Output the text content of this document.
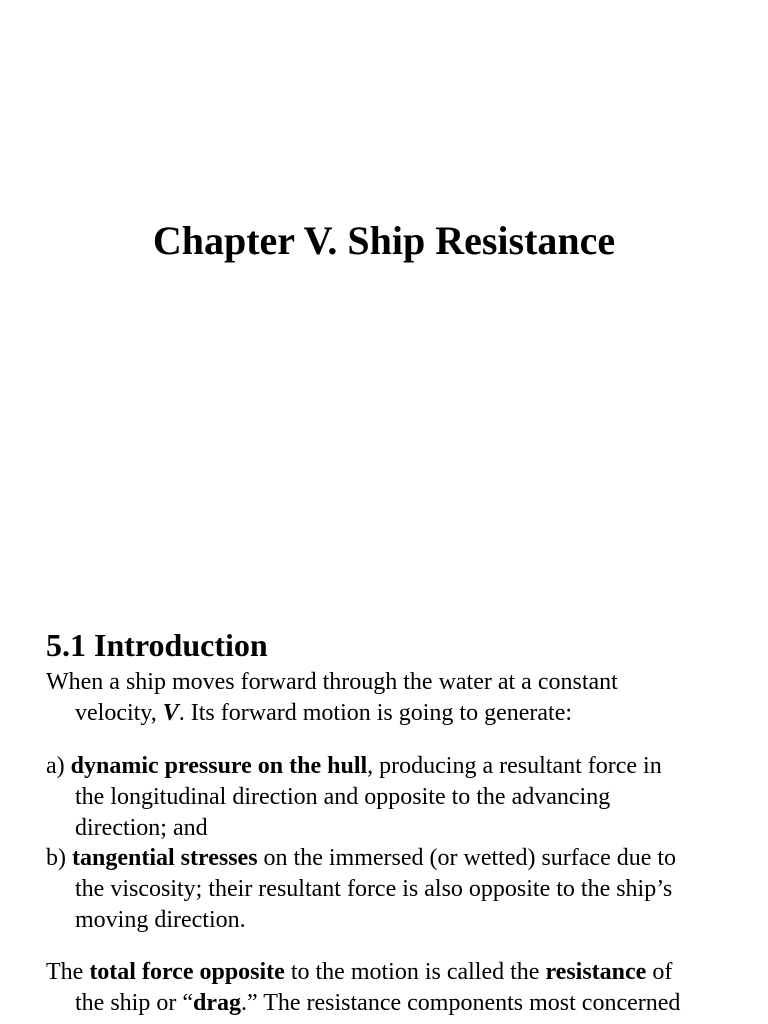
Chapter V. Ship Resistance
5.1 Introduction
When a ship moves forward through the water at a constant
velocity, V. Its forward motion is going to generate:
a) dynamic pressure on the hull, producing a resultant force in
the longitudinal direction and opposite to the advancing
direction; and
b) tangential stresses on the immersed (or wetted) surface due to
the viscosity; their resultant force is also opposite to the ship’s
moving direction.
The total force opposite to the motion is called the resistance of
the ship or “drag.” The resistance components most concerned
